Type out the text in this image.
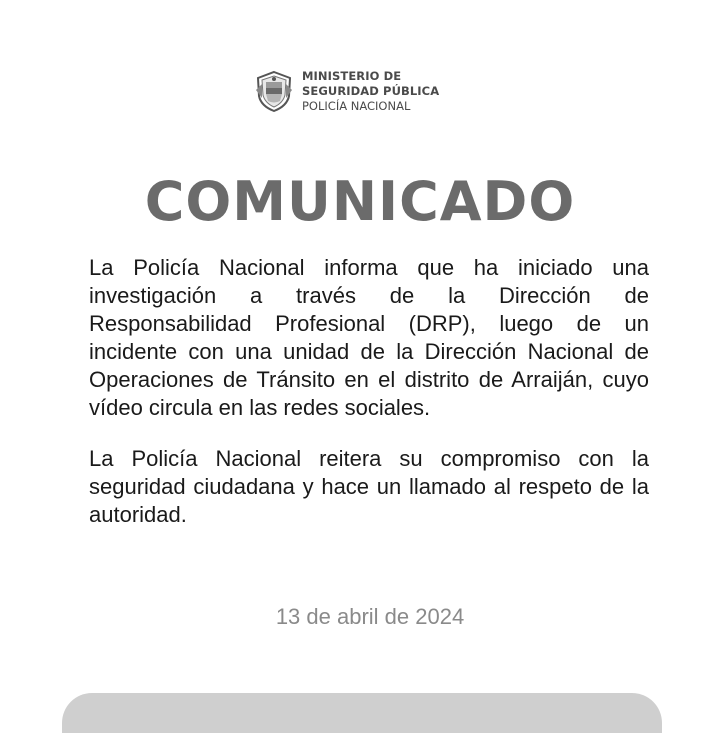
MINISTERIO DE
SEGURIDAD PÚBLICA
POLICÍA NACIONAL
COMUNICADO

La Policía Nacional informa que ha iniciado una investigación a través de la Dirección de Responsabilidad Profesional (DRP), luego de un incidente con una unidad de la Dirección Nacional de Operaciones de Tránsito en el distrito de Arraiján, cuyo vídeo circula en las redes sociales.

La Policía Nacional reitera su compromiso con la seguridad ciudadana y hace un llamado al respeto de la autoridad.

13 de abril de 2024
